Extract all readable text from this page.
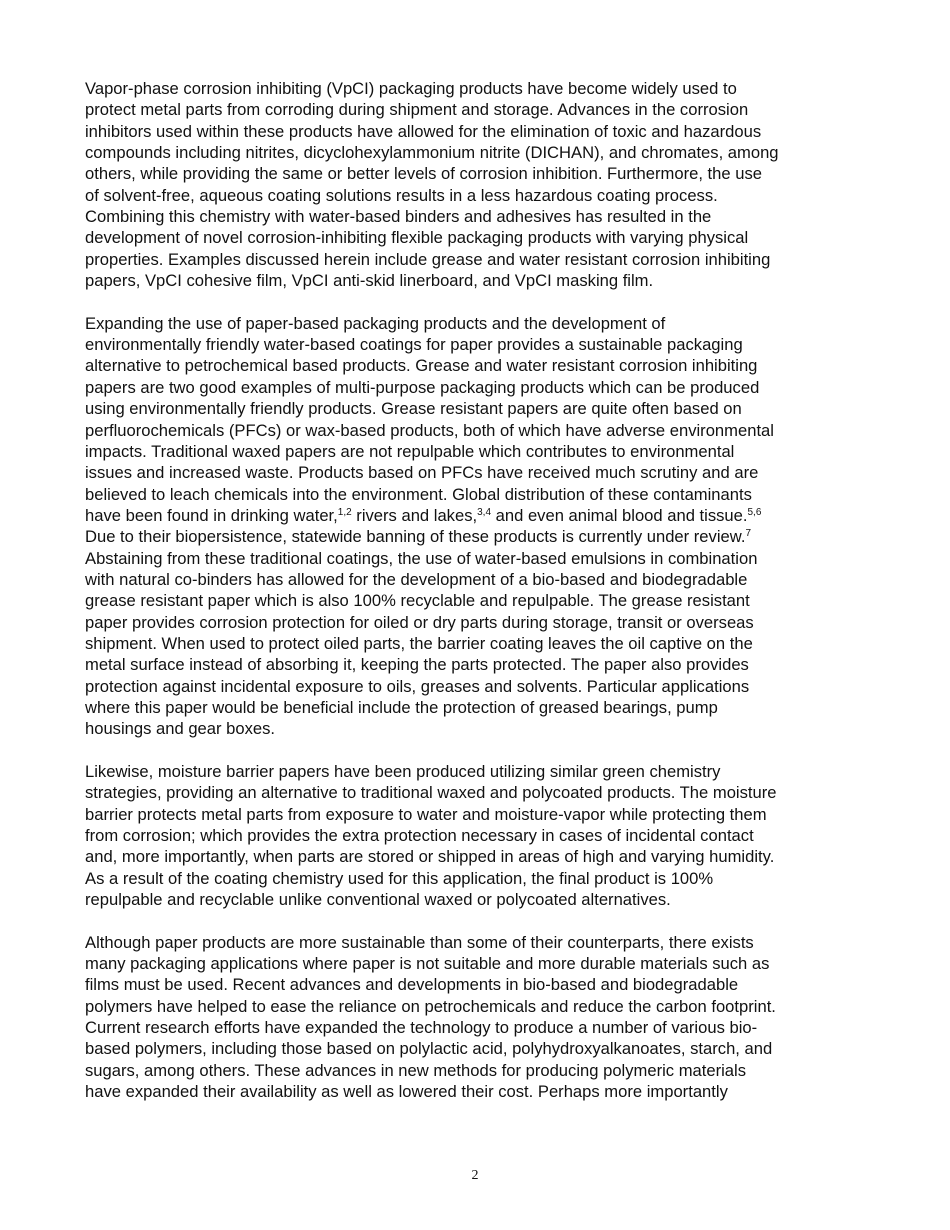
Vapor-phase corrosion inhibiting (VpCI) packaging products have become widely used to
protect metal parts from corroding during shipment and storage. Advances in the corrosion
inhibitors used within these products have allowed for the elimination of toxic and hazardous
compounds including nitrites, dicyclohexylammonium nitrite (DICHAN), and chromates, among
others, while providing the same or better levels of corrosion inhibition. Furthermore, the use
of solvent-free, aqueous coating solutions results in a less hazardous coating process.
Combining this chemistry with water-based binders and adhesives has resulted in the
development of novel corrosion-inhibiting flexible packaging products with varying physical
properties. Examples discussed herein include grease and water resistant corrosion inhibiting
papers, VpCI cohesive film, VpCI anti-skid linerboard, and VpCI masking film.
Expanding the use of paper-based packaging products and the development of
environmentally friendly water-based coatings for paper provides a sustainable packaging
alternative to petrochemical based products. Grease and water resistant corrosion inhibiting
papers are two good examples of multi-purpose packaging products which can be produced
using environmentally friendly products. Grease resistant papers are quite often based on
perfluorochemicals (PFCs) or wax-based products, both of which have adverse environmental
impacts. Traditional waxed papers are not repulpable which contributes to environmental
issues and increased waste. Products based on PFCs have received much scrutiny and are
believed to leach chemicals into the environment. Global distribution of these contaminants
have been found in drinking water,$^{1,2}$ rivers and lakes,$^{3,4}$ and even animal blood and tissue.$^{5,6}$
Due to their biopersistence, statewide banning of these products is currently under review.$^7$
Abstaining from these traditional coatings, the use of water-based emulsions in combination
with natural co-binders has allowed for the development of a bio-based and biodegradable
grease resistant paper which is also 100% recyclable and repulpable. The grease resistant
paper provides corrosion protection for oiled or dry parts during storage, transit or overseas
shipment. When used to protect oiled parts, the barrier coating leaves the oil captive on the
metal surface instead of absorbing it, keeping the parts protected. The paper also provides
protection against incidental exposure to oils, greases and solvents. Particular applications
where this paper would be beneficial include the protection of greased bearings, pump
housings and gear boxes.
Likewise, moisture barrier papers have been produced utilizing similar green chemistry
strategies, providing an alternative to traditional waxed and polycoated products. The moisture
barrier protects metal parts from exposure to water and moisture-vapor while protecting them
from corrosion; which provides the extra protection necessary in cases of incidental contact
and, more importantly, when parts are stored or shipped in areas of high and varying humidity.
As a result of the coating chemistry used for this application, the final product is 100%
repulpable and recyclable unlike conventional waxed or polycoated alternatives.
Although paper products are more sustainable than some of their counterparts, there exists
many packaging applications where paper is not suitable and more durable materials such as
films must be used. Recent advances and developments in bio-based and biodegradable
polymers have helped to ease the reliance on petrochemicals and reduce the carbon footprint.
Current research efforts have expanded the technology to produce a number of various bio-
based polymers, including those based on polylactic acid, polyhydroxyalkanoates, starch, and
sugars, among others. These advances in new methods for producing polymeric materials
have expanded their availability as well as lowered their cost. Perhaps more importantly
2
